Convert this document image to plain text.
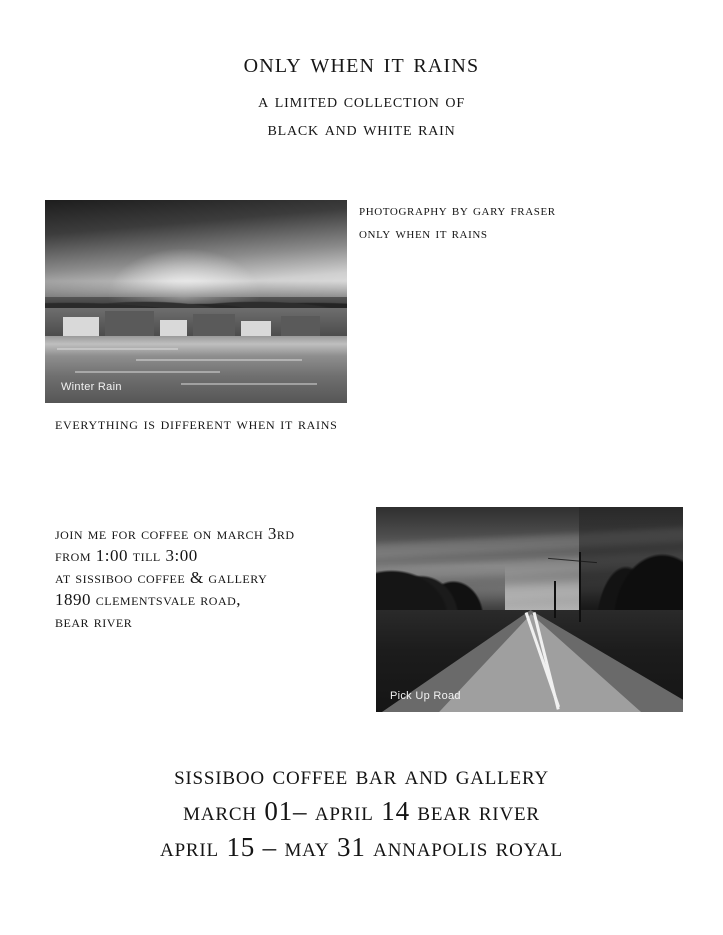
only when it rains
a limited collection of
black and white rain
Winter Rain
photography by gary fraser
only when it rains
everything is different when it rains
join me for coffee on march 3rd
from 1:00 till 3:00
at sissiboo coffee & gallery
1890 clementsvale road,
bear river
Pick Up Road
sissiboo coffee bar and gallery
march 01– april 14 bear river
april 15 – may 31 annapolis royal
